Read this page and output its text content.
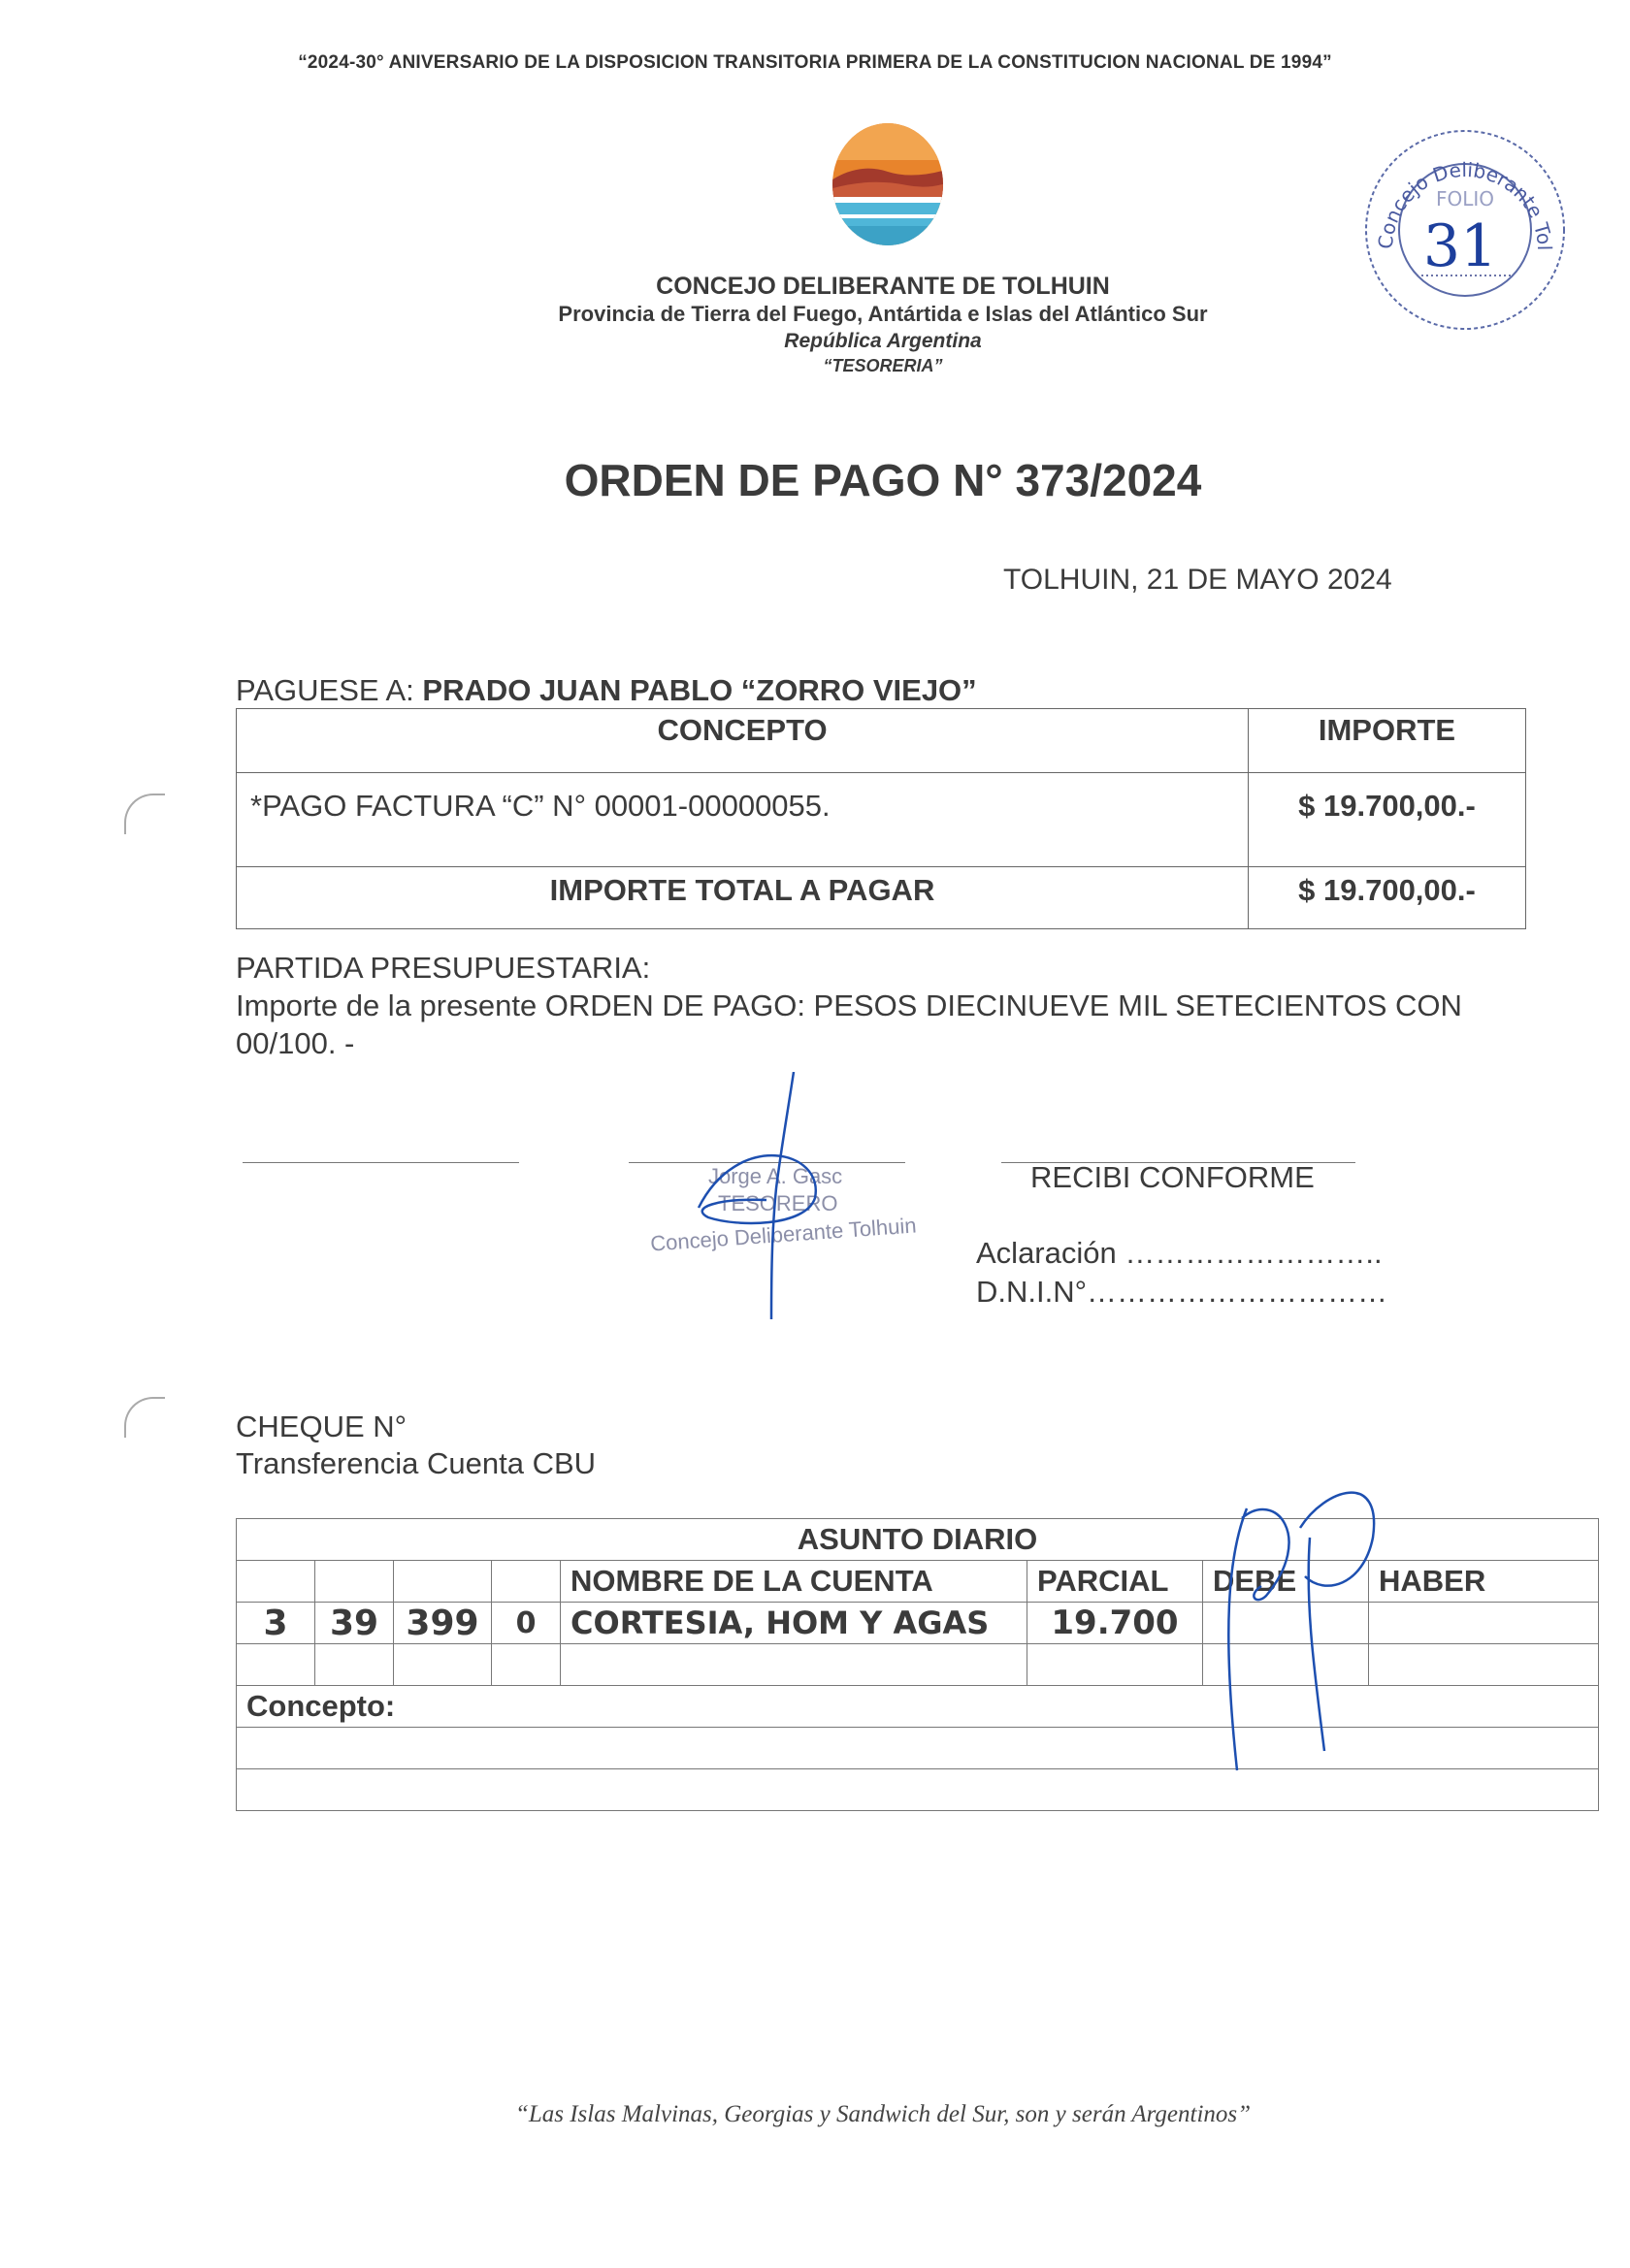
“2024-30° ANIVERSARIO DE LA DISPOSICION TRANSITORIA PRIMERA DE LA CONSTITUCION NACIONAL DE 1994”
CONCEJO DELIBERANTE DE TOLHUIN
Provincia de Tierra del Fuego, Antártida e Islas del Atlántico Sur
República Argentina
“TESORERIA”
Concejo Deliberante Tol
FOLIO
31
ORDEN DE PAGO N° 373/2024
TOLHUIN, 21 DE MAYO 2024
PAGUESE A: PRADO JUAN PABLO “ZORRO VIEJO”
CONCEPTO	IMPORTE
*PAGO FACTURA “C” N° 00001-00000055.	$ 19.700,00.-
IMPORTE TOTAL A PAGAR	$ 19.700,00.-
PARTIDA PRESUPUESTARIA:
Importe de la presente ORDEN DE PAGO: PESOS DIECINUEVE MIL SETECIENTOS CON 00/100. -
Jorge A. Gasc
TESORERO
Concejo Deliberante Tolhuin
RECIBI CONFORME
Aclaración ……………………..
D.N.I.N°…………………………
CHEQUE N°
Transferencia Cuenta CBU
ASUNTO DIARIO							
				NOMBRE DE LA CUENTA	PARCIAL	DEBE	HABER
3	39	399	0	CORTESIA, HOM Y AGAS	19.700		

Concepto:							

“Las Islas Malvinas, Georgias y Sandwich del Sur, son y serán Argentinos”
